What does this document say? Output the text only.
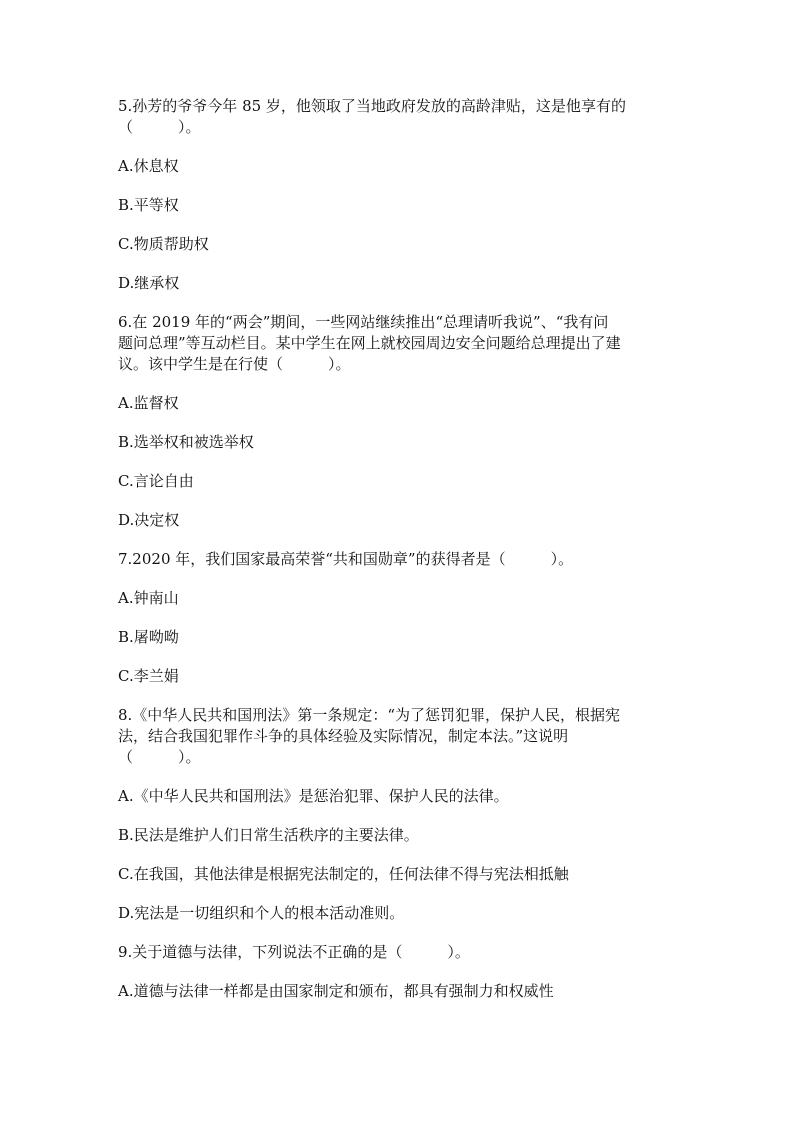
5.孙芳的爷爷今年 85 岁，他领取了当地政府发放的高龄津贴，这是他享有的
（　　　）。
A.休息权
B.平等权
C.物质帮助权
D.继承权
6.在 2019 年的“两会”期间，一些网站继续推出“总理请听我说”、“我有问
题问总理”等互动栏目。某中学生在网上就校园周边安全问题给总理提出了建
议。该中学生是在行使（　　　）。
A.监督权
B.选举权和被选举权
C.言论自由
D.决定权
7.2020 年，我们国家最高荣誉“共和国勋章”的获得者是（　　　）。
A.钟南山
B.屠呦呦
C.李兰娟
8.《中华人民共和国刑法》第一条规定：“为了惩罚犯罪，保护人民，根据宪
法，结合我国犯罪作斗争的具体经验及实际情况，制定本法。”这说明
（　　　）。
A.《中华人民共和国刑法》是惩治犯罪、保护人民的法律。
B.民法是维护人们日常生活秩序的主要法律。
C.在我国，其他法律是根据宪法制定的，任何法律不得与宪法相抵触
D.宪法是一切组织和个人的根本活动准则。
9.关于道德与法律，下列说法不正确的是（　　　）。
A.道德与法律一样都是由国家制定和颁布，都具有强制力和权威性
